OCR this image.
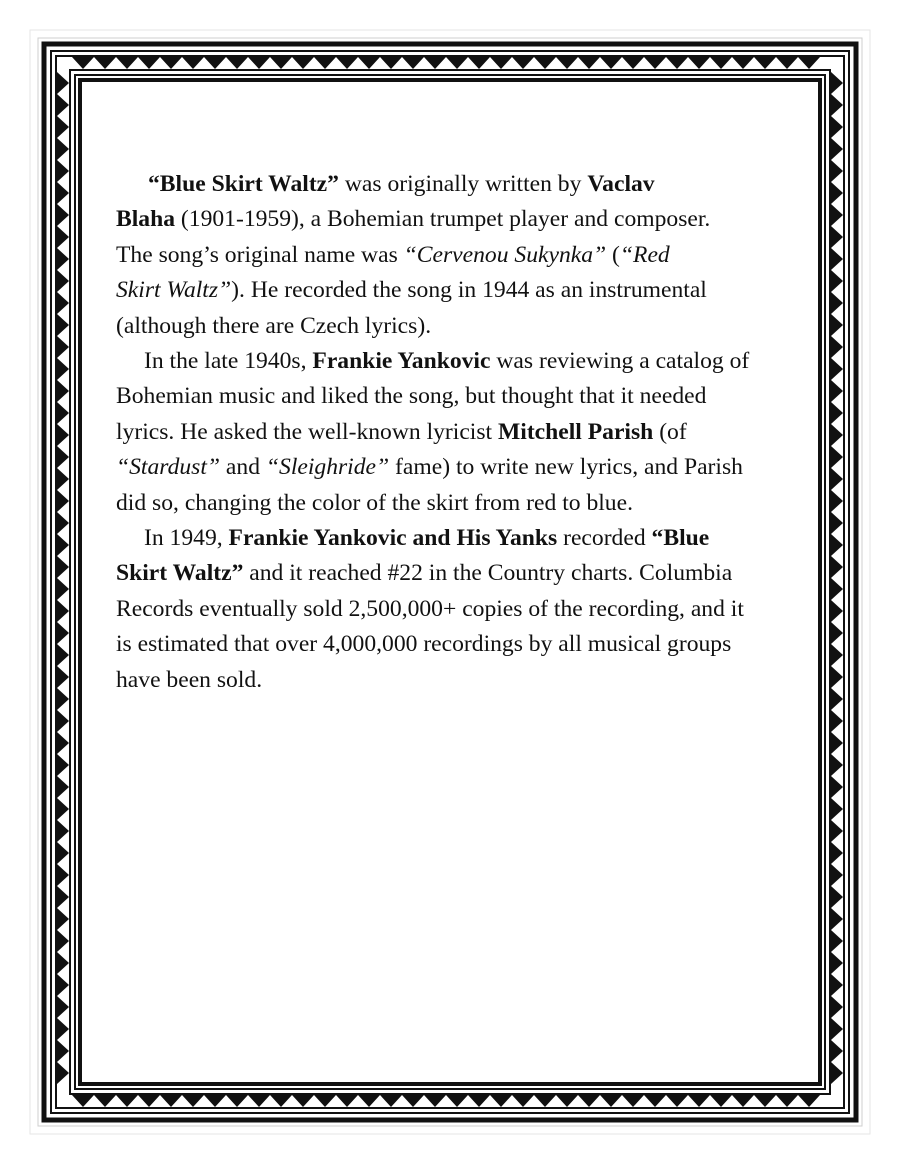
“Blue Skirt Waltz” was originally written by Vaclav
Blaha (1901-1959), a Bohemian trumpet player and composer.
The song’s original name was “Cervenou Sukynka” (“Red
Skirt Waltz”). He recorded the song in 1944 as an instrumental
(although there are Czech lyrics).
In the late 1940s, Frankie Yankovic was reviewing a catalog of
Bohemian music and liked the song, but thought that it needed
lyrics. He asked the well-known lyricist Mitchell Parish (of
“Stardust” and “Sleighride” fame) to write new lyrics, and Parish
did so, changing the color of the skirt from red to blue.
In 1949, Frankie Yankovic and His Yanks recorded “Blue
Skirt Waltz” and it reached #22 in the Country charts. Columbia
Records eventually sold 2,500,000+ copies of the recording, and it
is estimated that over 4,000,000 recordings by all musical groups
have been sold.
